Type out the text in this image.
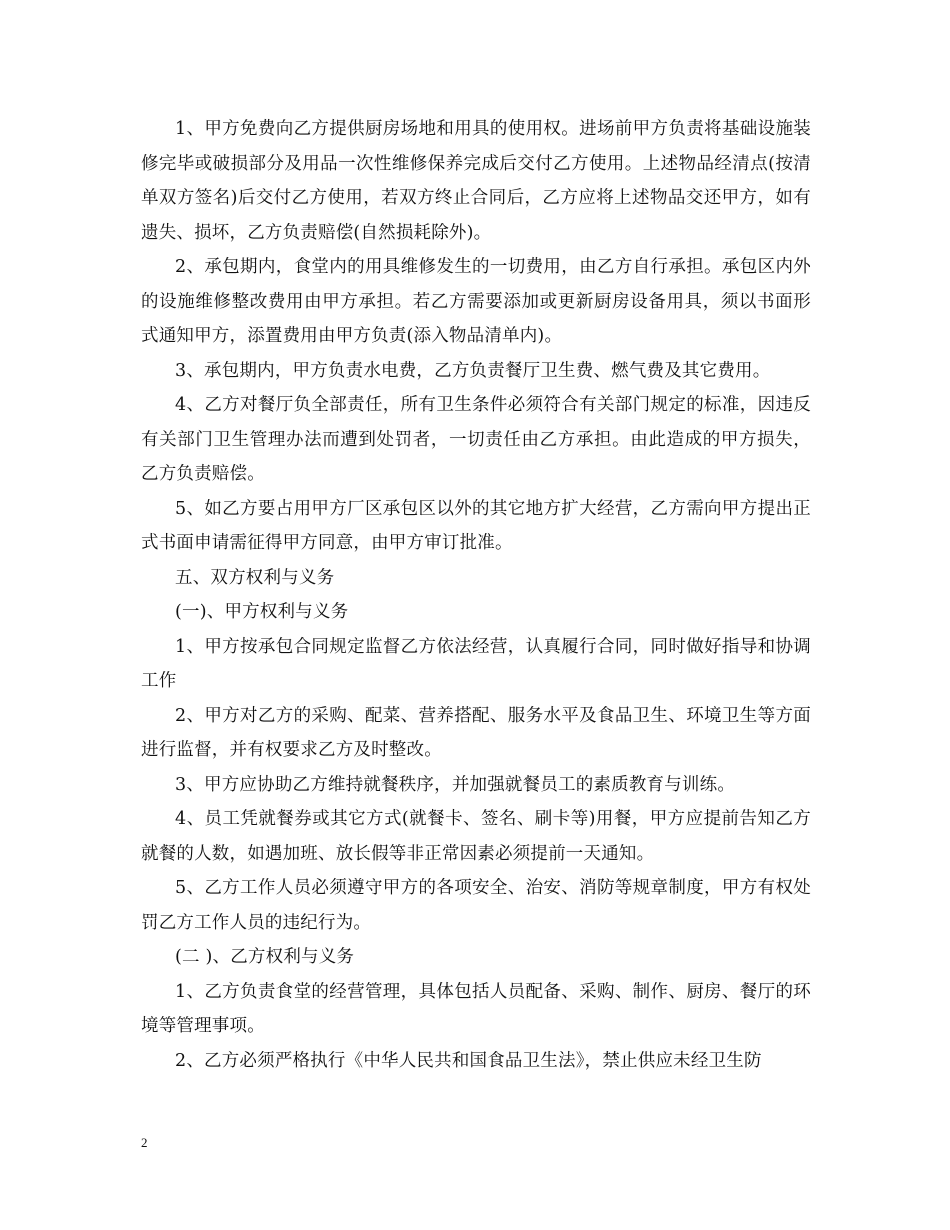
1、甲方免费向乙方提供厨房场地和用具的使用权。进场前甲方负责将基础设施装修完毕或破损部分及用品一次性维修保养完成后交付乙方使用。上述物品经清点(按清单双方签名)后交付乙方使用，若双方终止合同后，乙方应将上述物品交还甲方，如有遗失、损坏，乙方负责赔偿(自然损耗除外)。

2、承包期内，食堂内的用具维修发生的一切费用，由乙方自行承担。承包区内外的设施维修整改费用由甲方承担。若乙方需要添加或更新厨房设备用具，须以书面形式通知甲方，添置费用由甲方负责(添入物品清单内)。

3、承包期内，甲方负责水电费，乙方负责餐厅卫生费、燃气费及其它费用。

4、乙方对餐厅负全部责任，所有卫生条件必须符合有关部门规定的标准，因违反有关部门卫生管理办法而遭到处罚者，一切责任由乙方承担。由此造成的甲方损失，乙方负责赔偿。

5、如乙方要占用甲方厂区承包区以外的其它地方扩大经营，乙方需向甲方提出正式书面申请需征得甲方同意，由甲方审订批准。

五、双方权利与义务

(一)、甲方权利与义务

1、甲方按承包合同规定监督乙方依法经营，认真履行合同，同时做好指导和协调工作

2、甲方对乙方的采购、配菜、营养搭配、服务水平及食品卫生、环境卫生等方面进行监督，并有权要求乙方及时整改。

3、甲方应协助乙方维持就餐秩序，并加强就餐员工的素质教育与训练。

4、员工凭就餐券或其它方式(就餐卡、签名、刷卡等)用餐，甲方应提前告知乙方就餐的人数，如遇加班、放长假等非正常因素必须提前一天通知。

5、乙方工作人员必须遵守甲方的各项安全、治安、消防等规章制度，甲方有权处罚乙方工作人员的违纪行为。

(二 )、乙方权利与义务

1、乙方负责食堂的经营管理，具体包括人员配备、采购、制作、厨房、餐厅的环境等管理事项。

2、乙方必须严格执行《中华人民共和国食品卫生法》，禁止供应未经卫生防

2
